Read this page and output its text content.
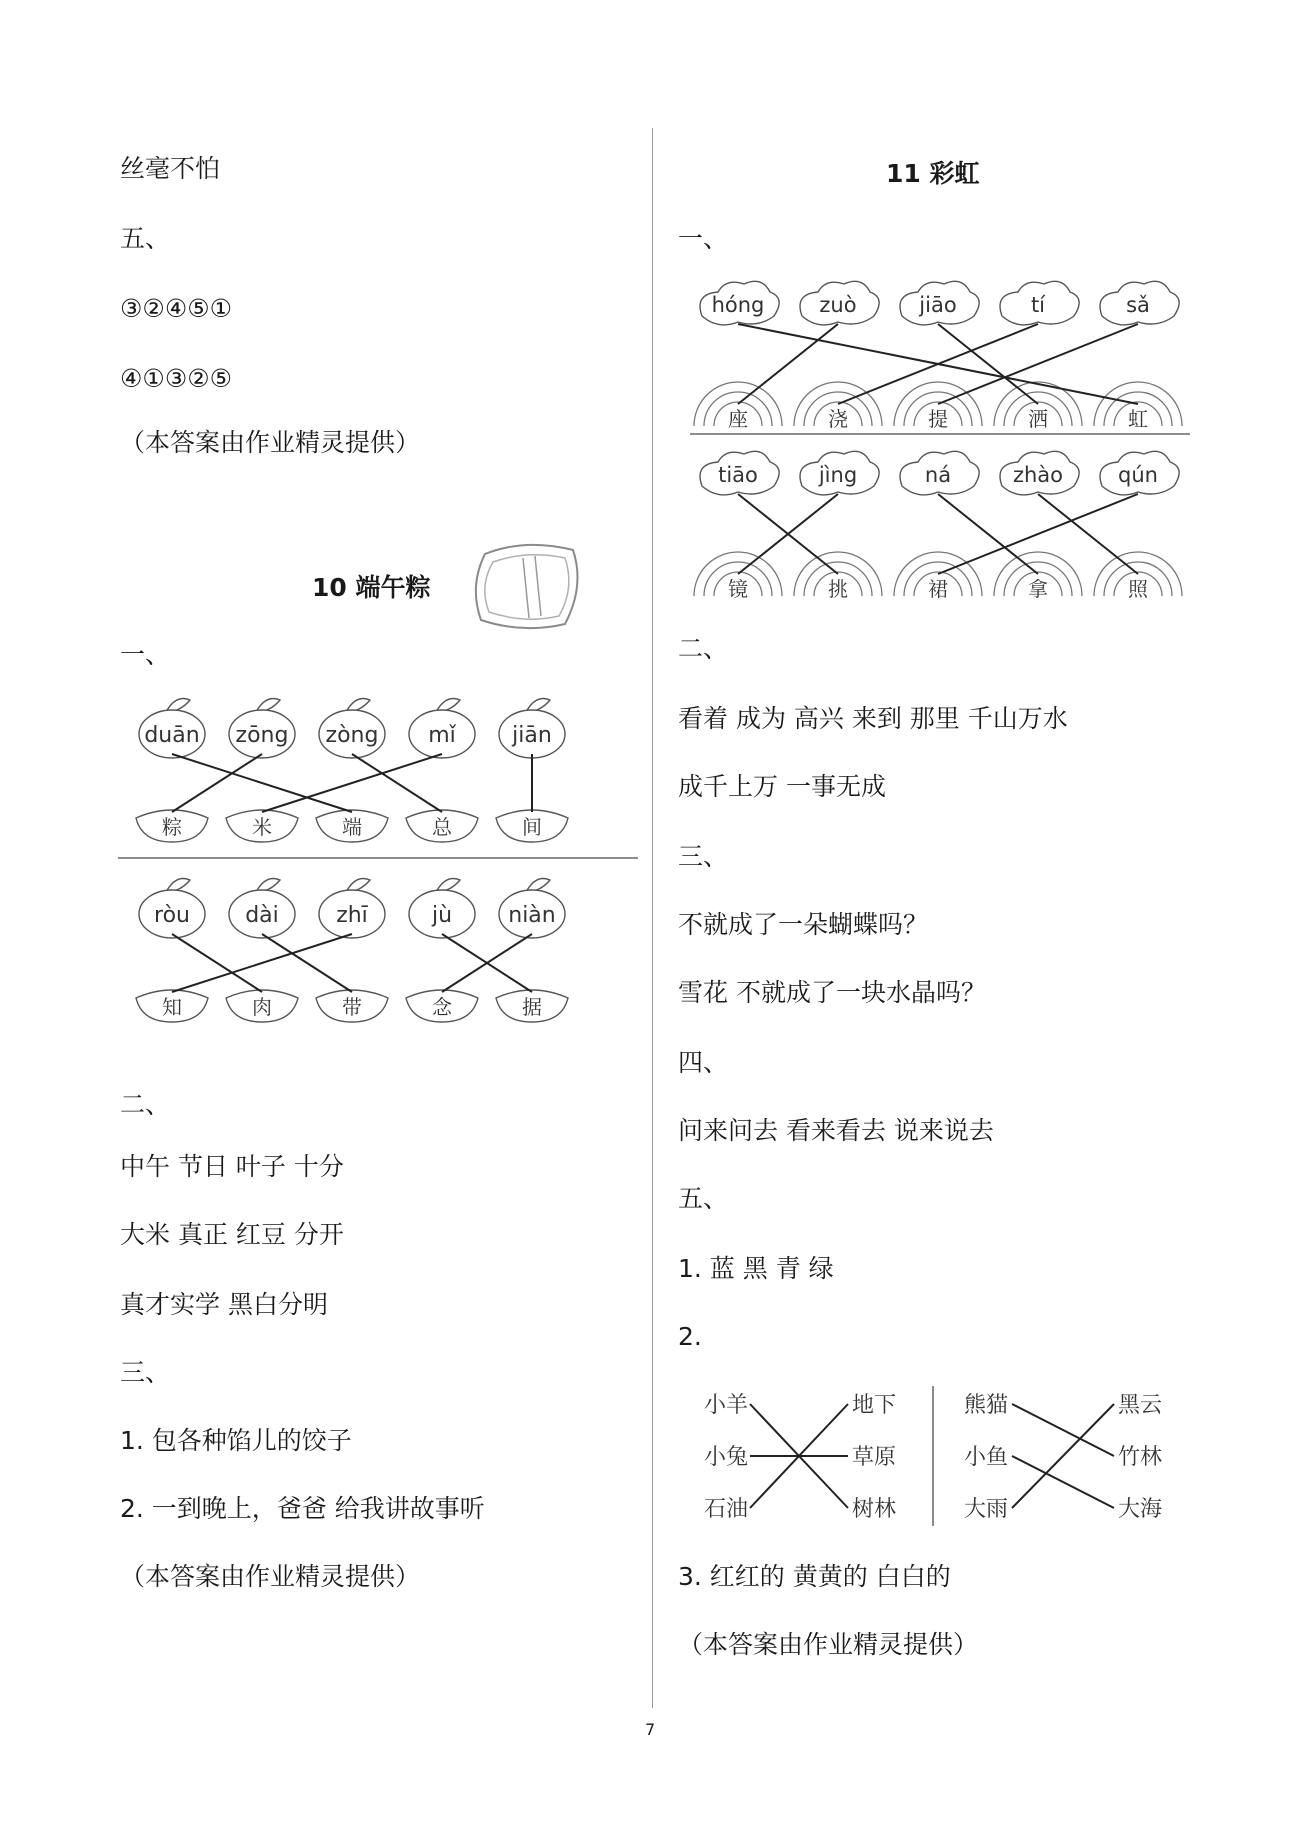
丝毫不怕
五、
③②④⑤①
④①③②⑤
（本答案由作业精灵提供）
10 端午粽
一、
duān
粽
zōng
米
zòng
端
mǐ
总
jiān
间
ròu
知
dài
肉
zhī
带
jù
念
niàn
据
二、
中午 节日 叶子 十分
大米 真正 红豆 分开
真才实学 黑白分明
三、
1. 包各种馅儿的饺子
2. 一到晚上，爸爸 给我讲故事听
（本答案由作业精灵提供）
11 彩虹
一、
hóng
座
zuò
浇
jiāo
提
tí
洒
sǎ
虹
tiāo
镜
jìng
挑
ná
裙
zhào
拿
qún
照
二、
看着 成为 高兴 来到 那里 千山万水
成千上万 一事无成
三、
不就成了一朵蝴蝶吗？
雪花 不就成了一块水晶吗？
四、
问来问去 看来看去 说来说去
五、
1. 蓝 黑 青 绿
2.
小羊
小兔
石油
地下
草原
树林
熊猫
小鱼
大雨
黑云
竹林
大海
3. 红红的 黄黄的 白白的
（本答案由作业精灵提供）
7
